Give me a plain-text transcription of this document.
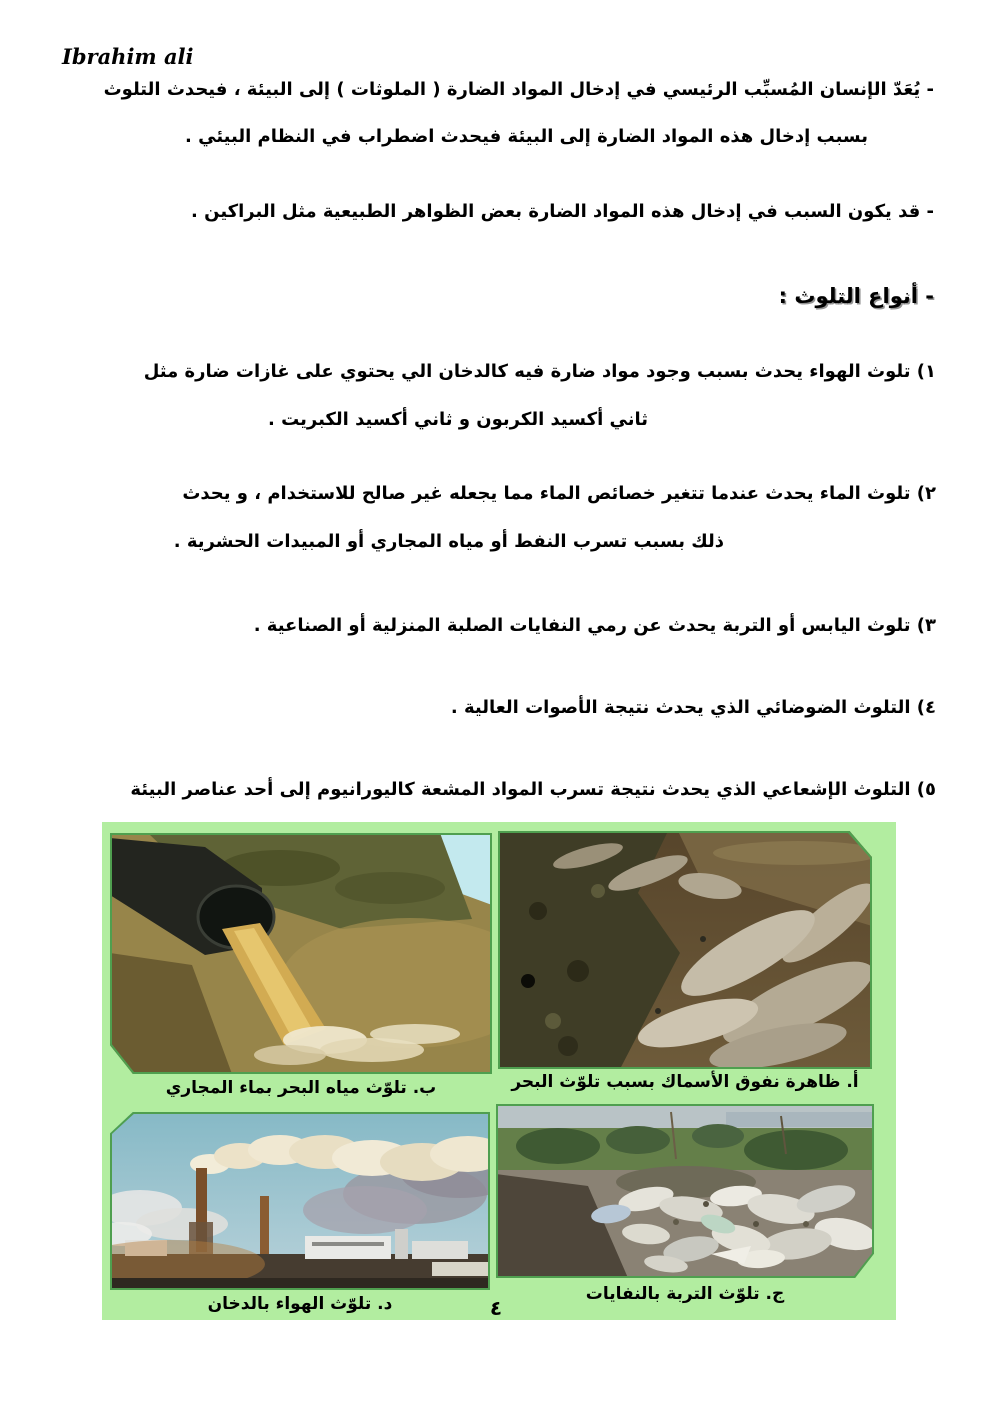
Ibrahim ali
- يُعَدّ الإنسان المُسبِّب الرئيسي في إدخال المواد الضارة ( الملوثات ) إلى البيئة ، فيحدث التلوث
بسبب إدخال هذه المواد الضارة إلى البيئة فيحدث اضطراب في النظام البيئي .
- قد يكون السبب في إدخال هذه المواد الضارة بعض الظواهر الطبيعية مثل البراكين .
- أنواع التلوث :
١) تلوث الهواء يحدث بسبب وجود مواد ضارة فيه كالدخان الي يحتوي على غازات ضارة مثل
ثاني أكسيد الكربون و ثاني أكسيد الكبريت .
٢) تلوث الماء يحدث عندما تتغير خصائص الماء مما يجعله غير صالح للاستخدام ، و يحدث
ذلك بسبب تسرب النفط أو مياه المجاري أو المبيدات الحشرية .
٣) تلوث اليابس أو التربة يحدث عن رمي النفايات الصلبة المنزلية أو الصناعية .
٤) التلوث الضوضائي الذي يحدث نتيجة الأصوات العالية .
٥) التلوث الإشعاعي الذي يحدث نتيجة تسرب المواد المشعة كاليورانيوم إلى أحد عناصر البيئة
ب. تلوّث مياه البحر بماء المجاري	أ. ظاهرة نفوق الأسماك بسبب تلوّث البحر
د. تلوّث الهواء بالدخان	ج. تلوّث التربة بالنفايات
٤
